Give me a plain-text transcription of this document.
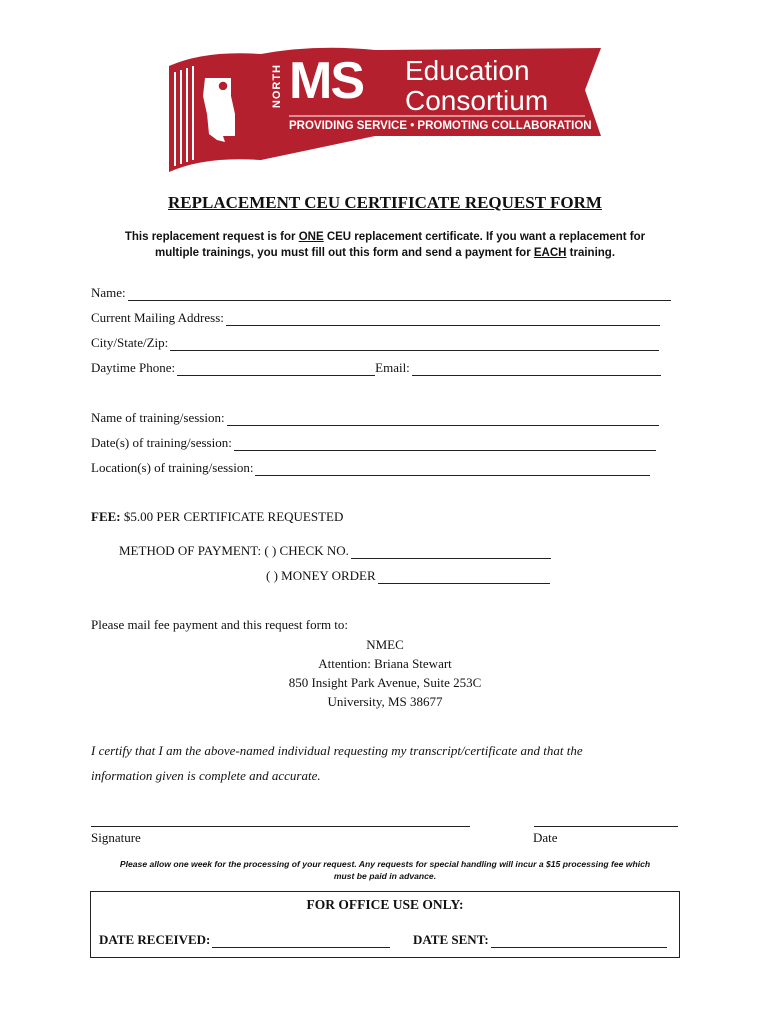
NORTH MS Education
Consortium
PROVIDING SERVICE • PROMOTING COLLABORATION
REPLACEMENT CEU CERTIFICATE REQUEST FORM
This replacement request is for ONE CEU replacement certificate. If you want a replacement for
multiple trainings, you must fill out this form and send a payment for EACH training.
Name:
Current Mailing Address:
City/State/Zip:
Daytime Phone:	Email:
Name of training/session:
Date(s) of training/session:
Location(s) of training/session:
FEE: $5.00 PER CERTIFICATE REQUESTED
METHOD OF PAYMENT: ( ) CHECK NO.
( ) MONEY ORDER
Please mail fee payment and this request form to:
NMEC
Attention: Briana Stewart
850 Insight Park Avenue, Suite 253C
University, MS 38677
I certify that I am the above-named individual requesting my transcript/certificate and that the
information given is complete and accurate.
Signature	Date
Please allow one week for the processing of your request. Any requests for special handling will incur a $15 processing fee which
must be paid in advance.
FOR OFFICE USE ONLY:
DATE RECEIVED:	DATE SENT:
